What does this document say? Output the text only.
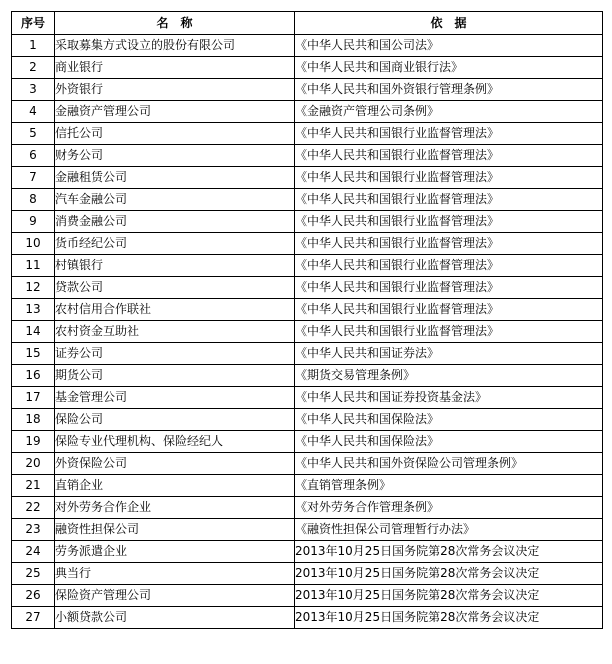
序号	名　称	依　据
1	采取募集方式设立的股份有限公司	《中华人民共和国公司法》
2	商业银行	《中华人民共和国商业银行法》
3	外资银行	《中华人民共和国外资银行管理条例》
4	金融资产管理公司	《金融资产管理公司条例》
5	信托公司	《中华人民共和国银行业监督管理法》
6	财务公司	《中华人民共和国银行业监督管理法》
7	金融租赁公司	《中华人民共和国银行业监督管理法》
8	汽车金融公司	《中华人民共和国银行业监督管理法》
9	消费金融公司	《中华人民共和国银行业监督管理法》
10	货币经纪公司	《中华人民共和国银行业监督管理法》
11	村镇银行	《中华人民共和国银行业监督管理法》
12	贷款公司	《中华人民共和国银行业监督管理法》
13	农村信用合作联社	《中华人民共和国银行业监督管理法》
14	农村资金互助社	《中华人民共和国银行业监督管理法》
15	证券公司	《中华人民共和国证券法》
16	期货公司	《期货交易管理条例》
17	基金管理公司	《中华人民共和国证券投资基金法》
18	保险公司	《中华人民共和国保险法》
19	保险专业代理机构、保险经纪人	《中华人民共和国保险法》
20	外资保险公司	《中华人民共和国外资保险公司管理条例》
21	直销企业	《直销管理条例》
22	对外劳务合作企业	《对外劳务合作管理条例》
23	融资性担保公司	《融资性担保公司管理暂行办法》
24	劳务派遣企业	2013年10月25日国务院第28次常务会议决定
25	典当行	2013年10月25日国务院第28次常务会议决定
26	保险资产管理公司	2013年10月25日国务院第28次常务会议决定
27	小额贷款公司	2013年10月25日国务院第28次常务会议决定
